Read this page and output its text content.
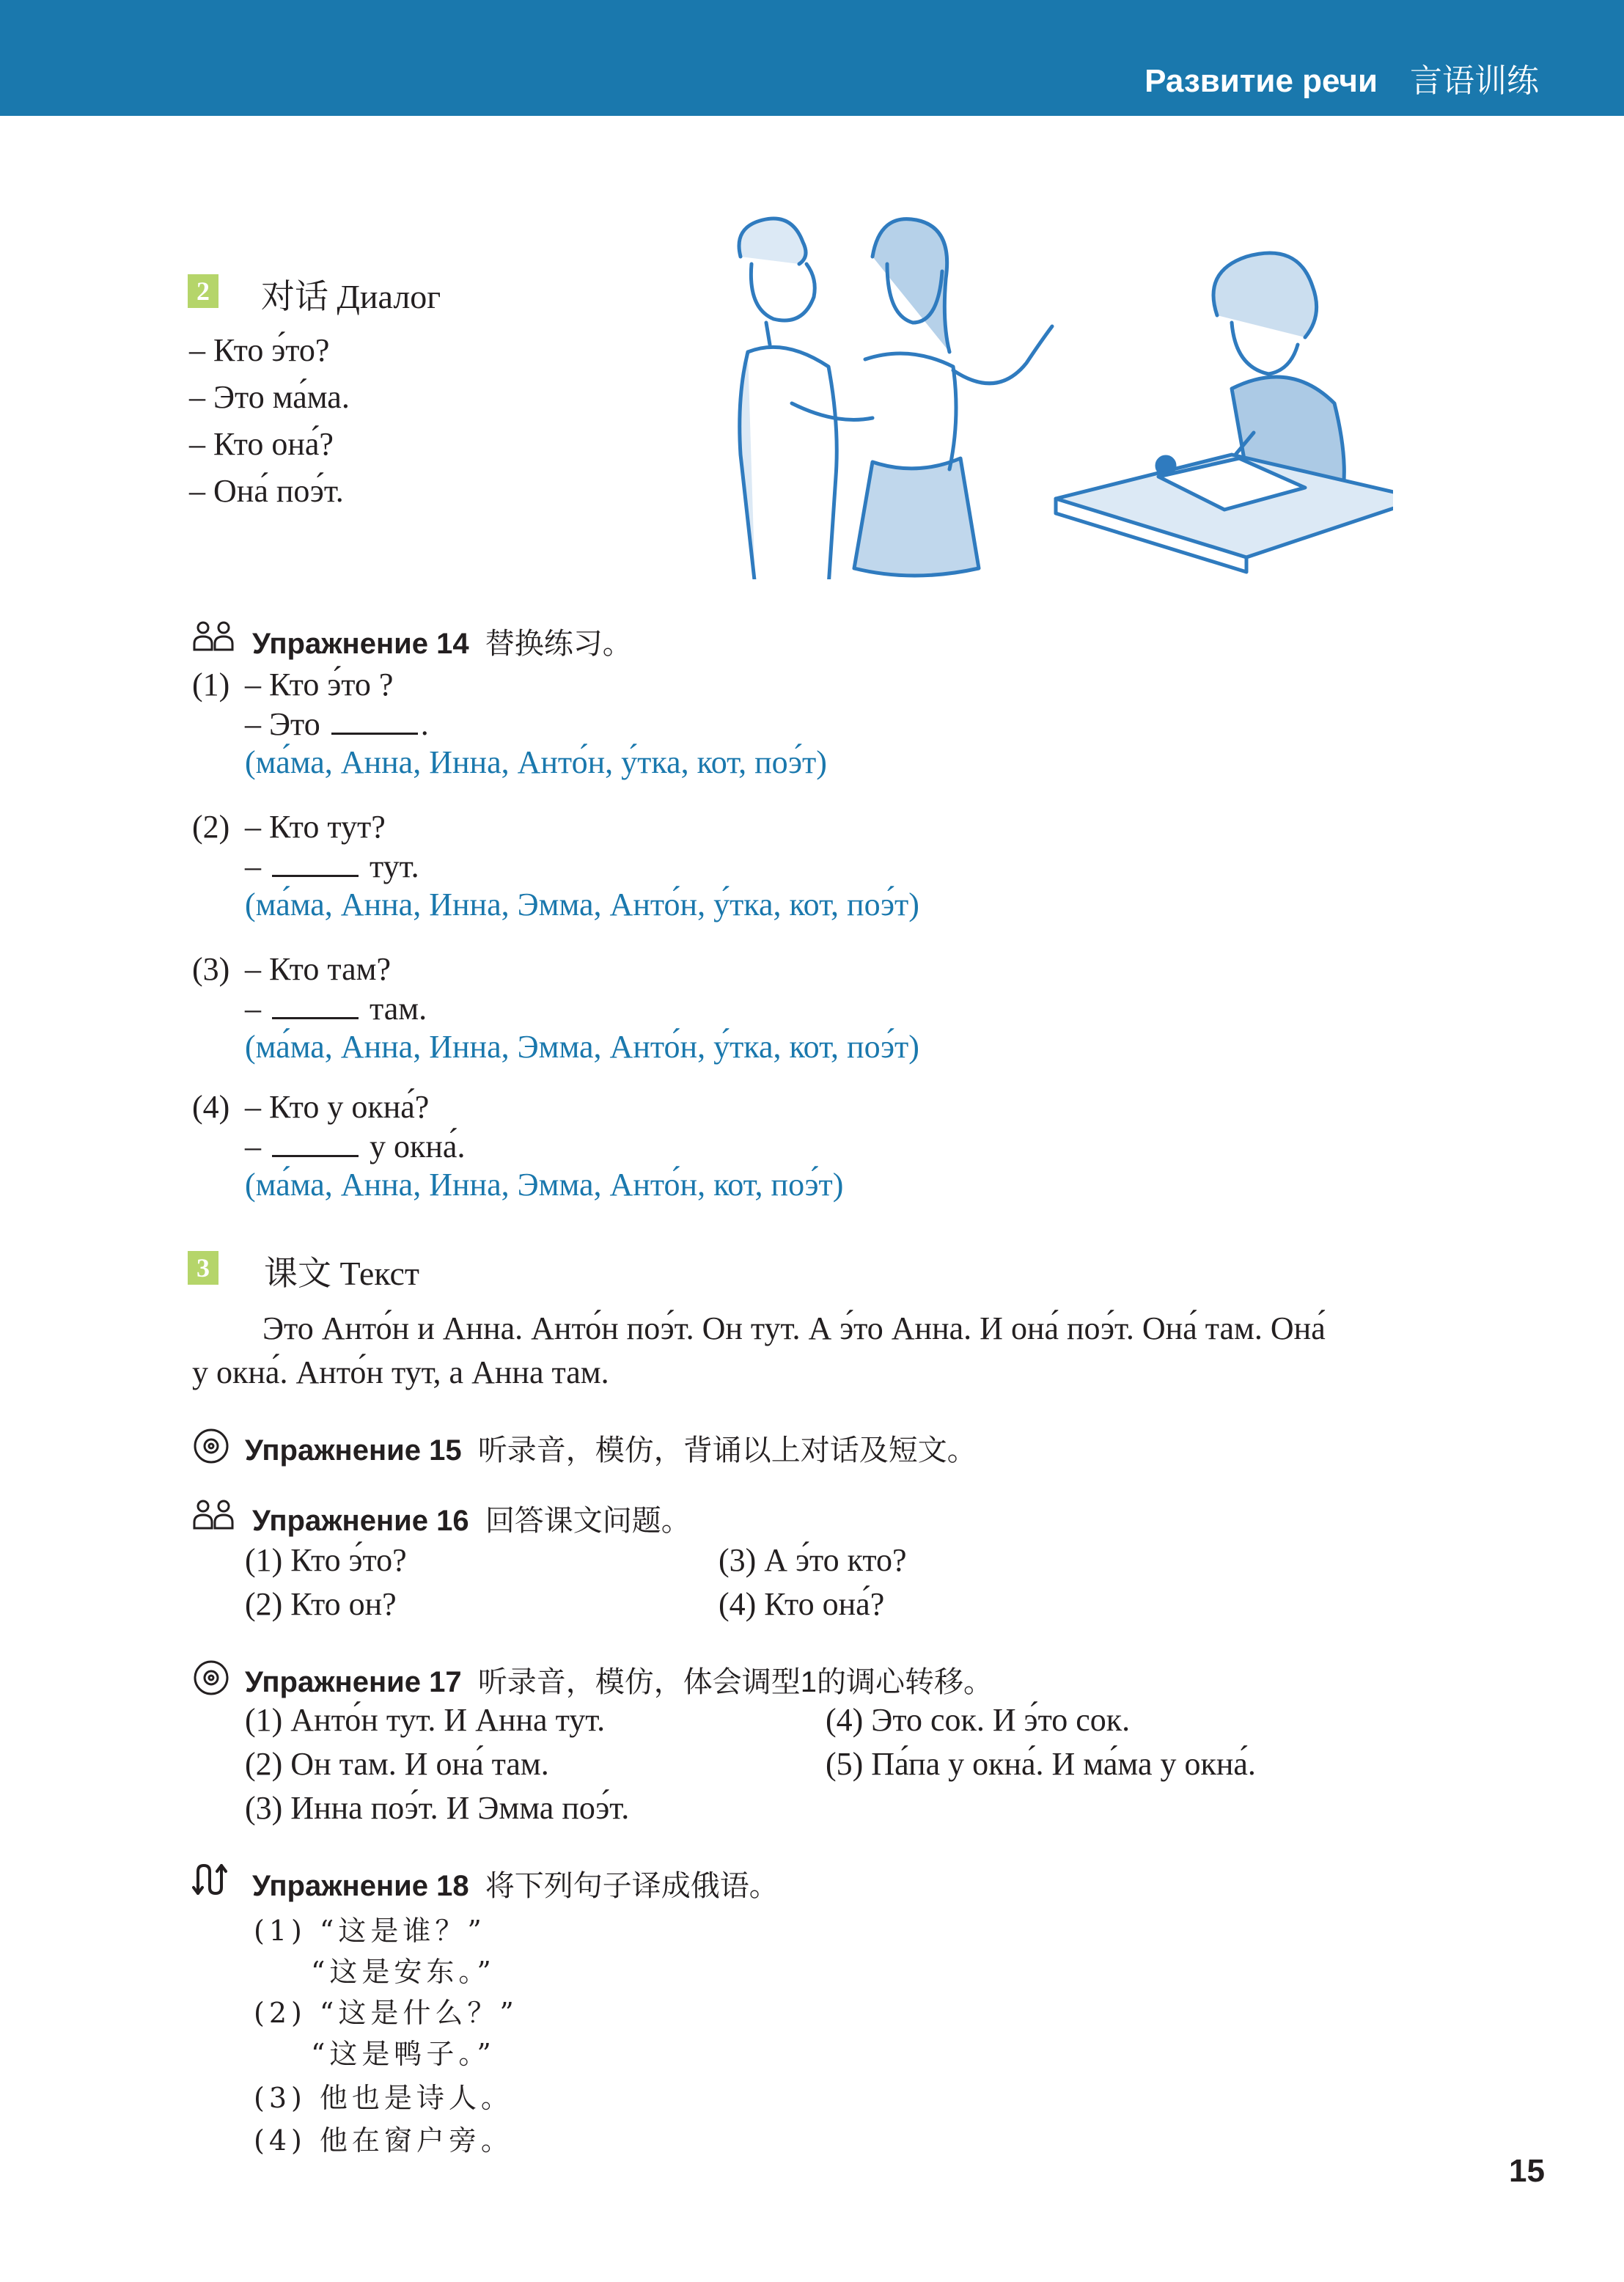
Развитие речи 言语训练
2 对话 Диалог
– Кто э́то?
– Это ма́ма.
– Кто она́?
– Она́ поэ́т.
Упражнение 14 替换练习。
(1) – Кто э́то ?
– Это	.
(ма́ма, Анна, Инна, Анто́н, у́тка, кот, поэ́т)
(2) – Кто тут?
–	тут.
(ма́ма, Анна, Инна, Эмма, Анто́н, у́тка, кот, поэ́т)
(3) – Кто там?
–	там.
(ма́ма, Анна, Инна, Эмма, Анто́н, у́тка, кот, поэ́т)
(4) – Кто у окна́?
–	у окна́.
(ма́ма, Анна, Инна, Эмма, Анто́н, кот, поэ́т)
3 课文 Текст
Это Анто́н и Анна. Анто́н поэ́т. Он тут. А э́то Анна. И она́ поэ́т. Она́ там. Она́
у окна́. Анто́н тут, а Анна там.
Упражнение 15 听录音，模仿，背诵以上对话及短文。
Упражнение 16 回答课文问题。
(1) Кто э́то?
(2) Кто он?
(3) А э́то кто?
(4) Кто она́?
Упражнение 17 听录音，模仿，体会调型1的调心转移。
(1) Анто́н тут. И Анна тут.
(2) Он там. И она́ там.
(3) Инна поэ́т. И Эмма поэ́т.
(4) Это сок. И э́то сок.
(5) Па́па у окна́. И ма́ма у окна́.
Упражнение 18 将下列句子译成俄语。
(1) “这是谁？”
“这是安东。”
(2) “这是什么？”
“这是鸭子。”
(3) 他也是诗人。
(4) 他在窗户旁。
15
